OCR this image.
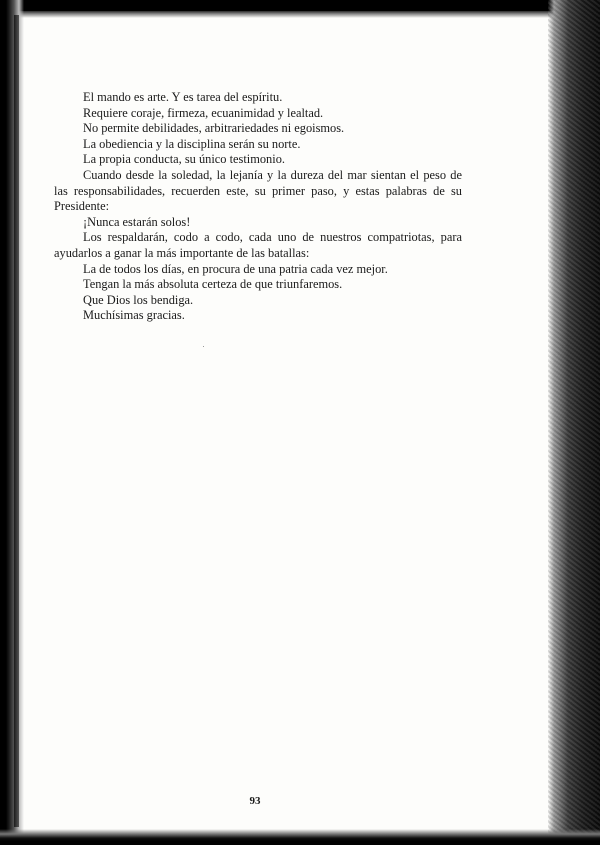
El mando es arte. Y es tarea del espíritu.

Requiere coraje, firmeza, ecuanimidad y lealtad.

No permite debilidades, arbitrariedades ni egoismos.

La obediencia y la disciplina serán su norte.

La propia conducta, su único testimonio.

Cuando desde la soledad, la lejanía y la dureza del mar sientan el peso de las responsabilidades, recuerden este, su primer paso, y estas palabras de su Presidente:

¡Nunca estarán solos!

Los respaldarán, codo a codo, cada uno de nuestros compatriotas, para ayudarlos a ganar la más importante de las batallas:

La de todos los días, en procura de una patria cada vez mejor.

Tengan la más absoluta certeza de que triunfaremos.

Que Dios los bendiga.

Muchísimas gracias.

93
